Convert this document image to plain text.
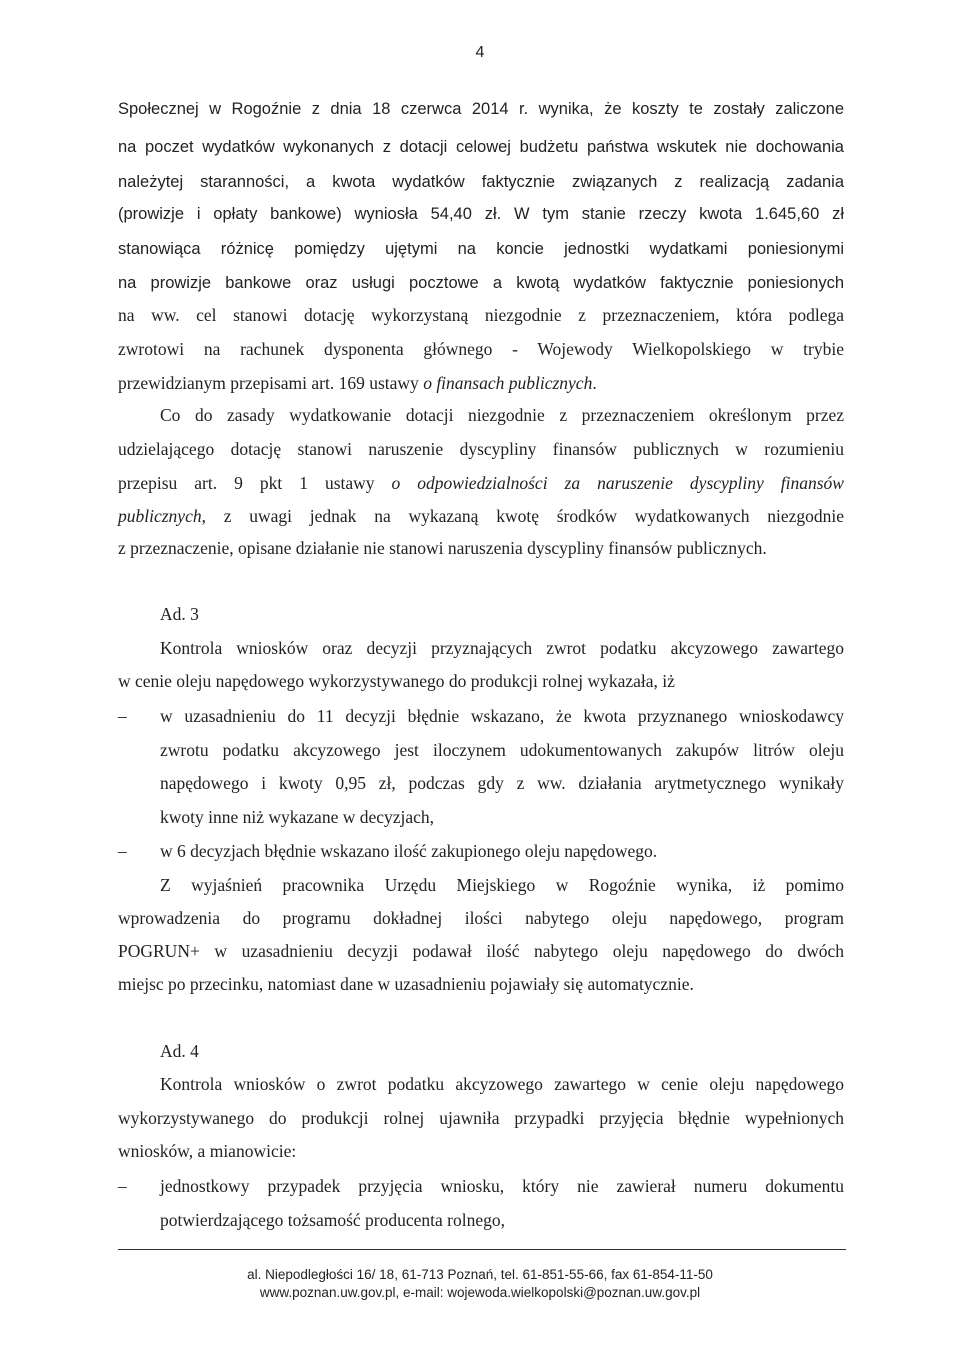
4
Społecznej w Rogoźnie z dnia 18 czerwca 2014 r. wynika, że koszty te zostały zaliczone
na poczet wydatków wykonanych z dotacji celowej budżetu państwa wskutek nie dochowania
należytej staranności, a kwota wydatków faktycznie związanych z realizacją zadania
(prowizje i opłaty bankowe) wyniosła 54,40 zł. W tym stanie rzeczy kwota 1.645,60 zł
stanowiąca różnicę pomiędzy ujętymi na koncie jednostki wydatkami poniesionymi
na prowizje bankowe oraz usługi pocztowe a kwotą wydatków faktycznie poniesionych
na ww. cel stanowi dotację wykorzystaną niezgodnie z przeznaczeniem, która podlega
zwrotowi na rachunek dysponenta głównego - Wojewody Wielkopolskiego w trybie
przewidzianym przepisami art. 169 ustawy o finansach publicznych.
Co do zasady wydatkowanie dotacji niezgodnie z przeznaczeniem określonym przez
udzielającego dotację stanowi naruszenie dyscypliny finansów publicznych w rozumieniu
przepisu art. 9 pkt 1 ustawy o odpowiedzialności za naruszenie dyscypliny finansów
publicznych, z uwagi jednak na wykazaną kwotę środków wydatkowanych niezgodnie
z przeznaczenie, opisane działanie nie stanowi naruszenia dyscypliny finansów publicznych.
Ad. 3
Kontrola wniosków oraz decyzji przyznających zwrot podatku akcyzowego zawartego
w cenie oleju napędowego wykorzystywanego do produkcji rolnej wykazała, iż
– w uzasadnieniu do 11 decyzji błędnie wskazano, że kwota przyznanego wnioskodawcy
zwrotu podatku akcyzowego jest iloczynem udokumentowanych zakupów litrów oleju
napędowego i kwoty 0,95 zł, podczas gdy z ww. działania arytmetycznego wynikały
kwoty inne niż wykazane w decyzjach,
– w 6 decyzjach błędnie wskazano ilość zakupionego oleju napędowego.
Z wyjaśnień pracownika Urzędu Miejskiego w Rogoźnie wynika, iż pomimo
wprowadzenia do programu dokładnej ilości nabytego oleju napędowego, program
POGRUN+ w uzasadnieniu decyzji podawał ilość nabytego oleju napędowego do dwóch
miejsc po przecinku, natomiast dane w uzasadnieniu pojawiały się automatycznie.
Ad. 4
Kontrola wniosków o zwrot podatku akcyzowego zawartego w cenie oleju napędowego
wykorzystywanego do produkcji rolnej ujawniła przypadki przyjęcia błędnie wypełnionych
wniosków, a mianowicie:
– jednostkowy przypadek przyjęcia wniosku, który nie zawierał numeru dokumentu
potwierdzającego tożsamość producenta rolnego,
al. Niepodległości 16/ 18, 61-713 Poznań, tel. 61-851-55-66, fax 61-854-11-50
www.poznan.uw.gov.pl, e-mail: wojewoda.wielkopolski@poznan.uw.gov.pl
